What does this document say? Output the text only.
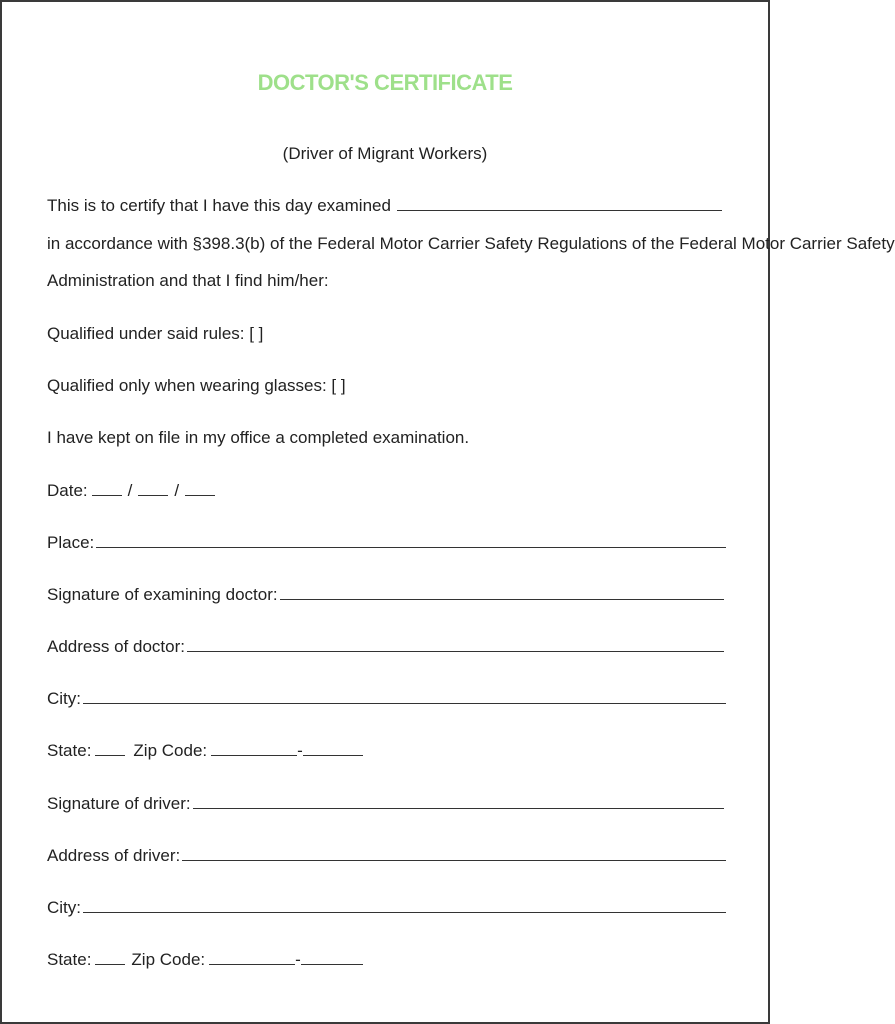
DOCTOR'S CERTIFICATE
(Driver of Migrant Workers)
This is to certify that I have this day examined
in accordance with §398.3(b) of the Federal Motor Carrier Safety Regulations of the Federal Motor Carrier Safety
Administration and that I find him/her:
Qualified under said rules: [ ]
Qualified only when wearing glasses: [ ]
I have kept on file in my office a completed examination.
Date: / /
Place:
Signature of examining doctor:
Address of doctor:
City:
State: Zip Code:	-
Signature of driver:
Address of driver:
City:
State: Zip Code:	-
